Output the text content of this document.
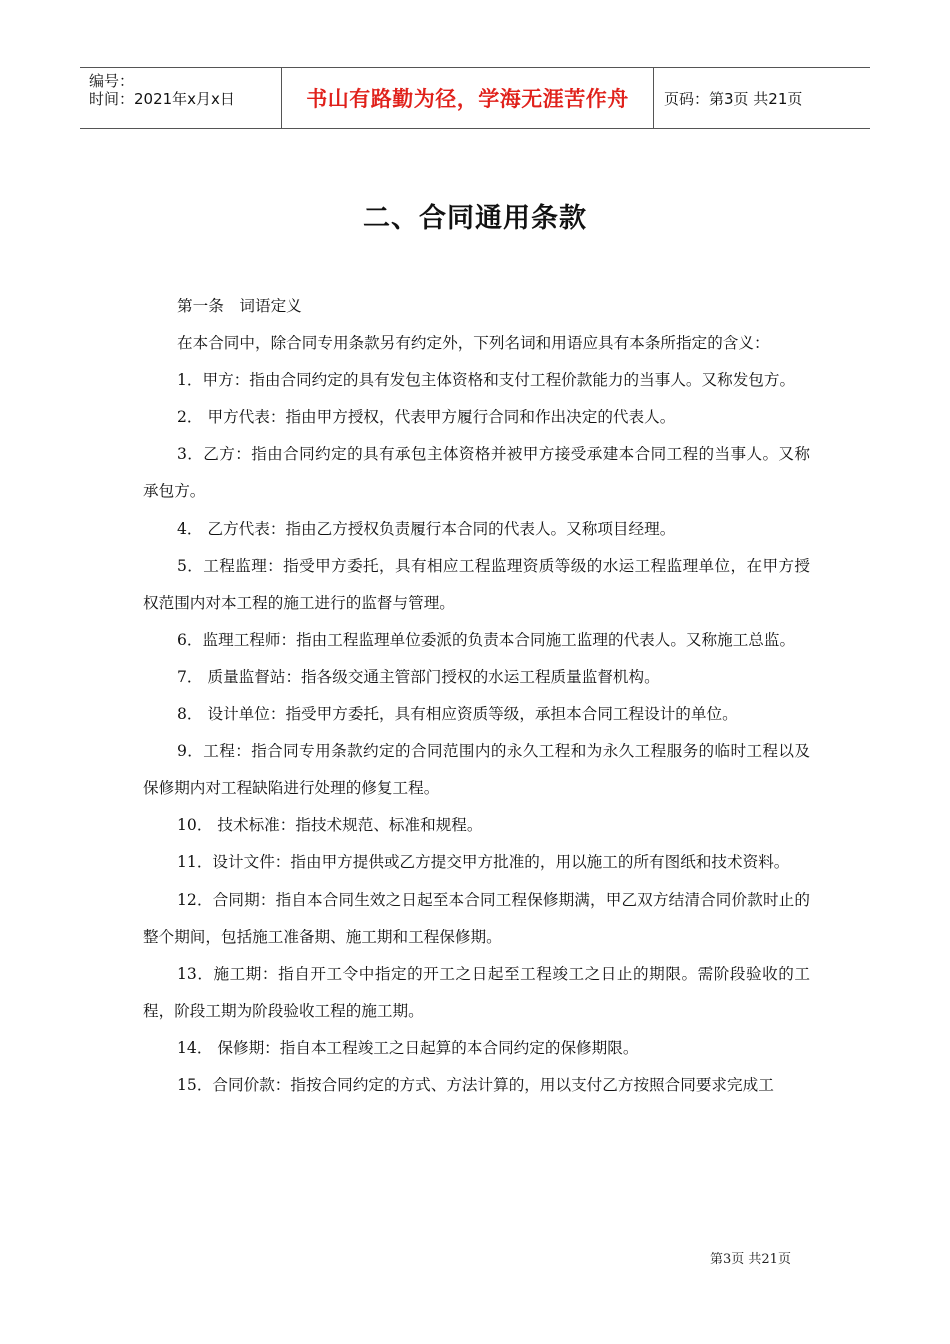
编号：
时间：2021年x月x日	书山有路勤为径，学海无涯苦作舟	页码：第3页 共21页
二、合同通用条款

第一条　词语定义

在本合同中，除合同专用条款另有约定外，下列名词和用语应具有本条所指定的含义：

1．甲方：指由合同约定的具有发包主体资格和支付工程价款能力的当事人。又称发包方。

2． 甲方代表：指由甲方授权，代表甲方履行合同和作出决定的代表人。

3．乙方：指由合同约定的具有承包主体资格并被甲方接受承建本合同工程的当事人。又称承包方。

4． 乙方代表：指由乙方授权负责履行本合同的代表人。又称项目经理。

5．工程监理：指受甲方委托，具有相应工程监理资质等级的水运工程监理单位，在甲方授权范围内对本工程的施工进行的监督与管理。

6．监理工程师：指由工程监理单位委派的负责本合同施工监理的代表人。又称施工总监。

7． 质量监督站：指各级交通主管部门授权的水运工程质量监督机构。

8． 设计单位：指受甲方委托，具有相应资质等级，承担本合同工程设计的单位。

9．工程：指合同专用条款约定的合同范围内的永久工程和为永久工程服务的临时工程以及保修期内对工程缺陷进行处理的修复工程。

10． 技术标准：指技术规范、标准和规程。

11．设计文件：指由甲方提供或乙方提交甲方批准的，用以施工的所有图纸和技术资料。

12．合同期：指自本合同生效之日起至本合同工程保修期满，甲乙双方结清合同价款时止的整个期间，包括施工准备期、施工期和工程保修期。

13．施工期：指自开工令中指定的开工之日起至工程竣工之日止的期限。需阶段验收的工程，阶段工期为阶段验收工程的施工期。

14． 保修期：指自本工程竣工之日起算的本合同约定的保修期限。

15．合同价款：指按合同约定的方式、方法计算的，用以支付乙方按照合同要求完成工

第3页 共21页
